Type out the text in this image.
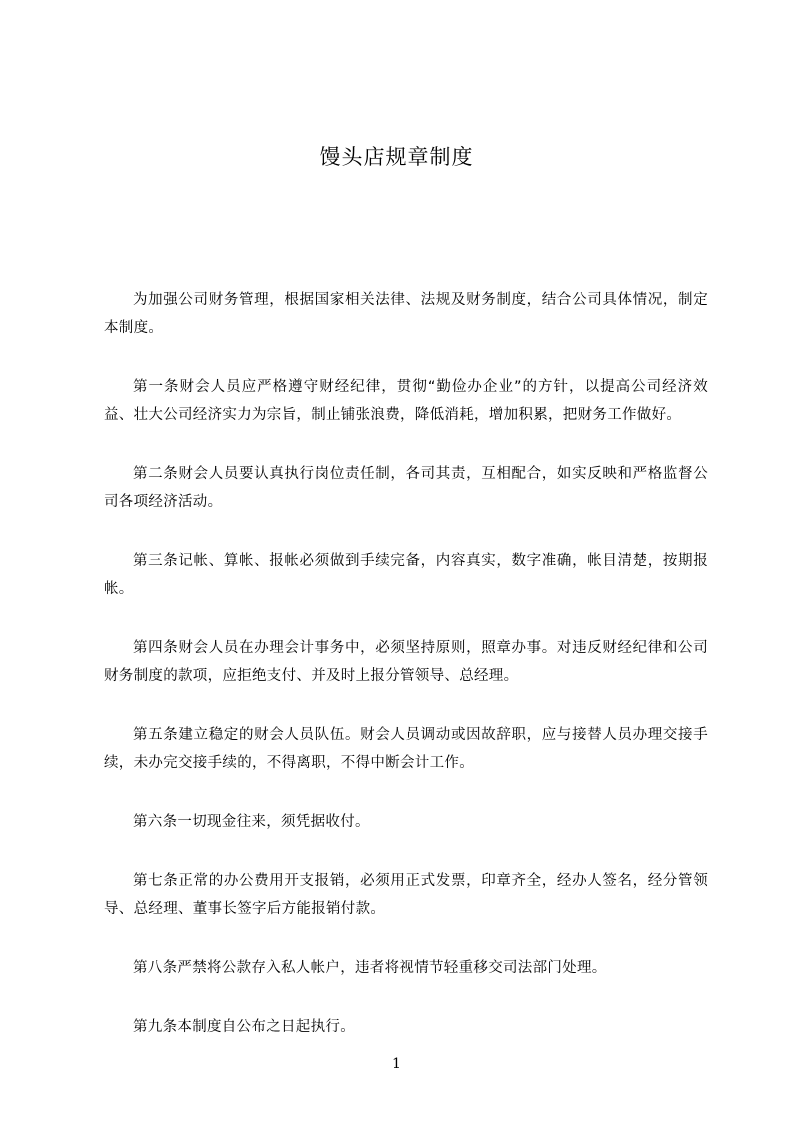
馒头店规章制度

为加强公司财务管理，根据国家相关法律、法规及财务制度，结合公司具体情况，制定本制度。

第一条财会人员应严格遵守财经纪律，贯彻“勤俭办企业”的方针，以提高公司经济效益、壮大公司经济实力为宗旨，制止铺张浪费，降低消耗，增加积累，把财务工作做好。

第二条财会人员要认真执行岗位责任制，各司其责，互相配合，如实反映和严格监督公司各项经济活动。

第三条记帐、算帐、报帐必须做到手续完备，内容真实，数字准确，帐目清楚，按期报帐。

第四条财会人员在办理会计事务中，必须坚持原则，照章办事。对违反财经纪律和公司财务制度的款项，应拒绝支付、并及时上报分管领导、总经理。

第五条建立稳定的财会人员队伍。财会人员调动或因故辞职，应与接替人员办理交接手续，未办完交接手续的，不得离职，不得中断会计工作。

第六条一切现金往来，须凭据收付。

第七条正常的办公费用开支报销，必须用正式发票，印章齐全，经办人签名，经分管领导、总经理、董事长签字后方能报销付款。

第八条严禁将公款存入私人帐户，违者将视情节轻重移交司法部门处理。

第九条本制度自公布之日起执行。

1
